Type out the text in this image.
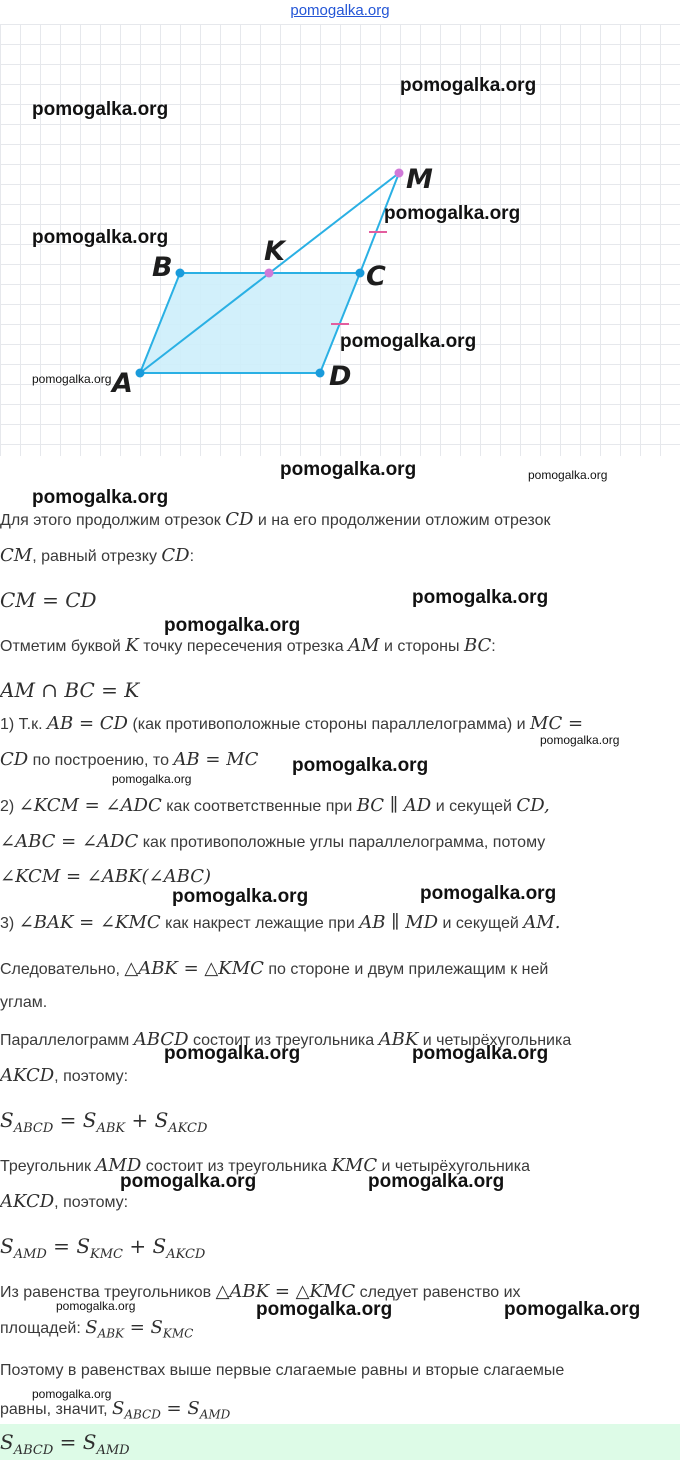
pomogalka.org
A
B	C
D
K
M
pomogalka.org
pomogalka.org
pomogalka.org
pomogalka.org
pomogalka.org
pomogalka.org
pomogalka.org	pomogalka.org
pomogalka.org
pomogalka.org
pomogalka.org
pomogalka.org
pomogalka.org
pomogalka.org
pomogalka.org	pomogalka.org
pomogalka.org	pomogalka.org
pomogalka.org	pomogalka.org
pomogalka.org	pomogalka.org	pomogalka.org
pomogalka.org
Для этого продолжим отрезок CD и на его продолжении отложим отрезок
CM, равный отрезку CD:
CM = CD
Отметим буквой K точку пересечения отрезка AM и стороны BC:
AM ∩ BC = K
1) Т.к. AB = CD (как противоположные стороны параллелограмма) и MC =
CD по построению, то AB = MC
2) ∠KCM = ∠ADC как соответственные при BC ∥ AD и секущей CD,
∠ABC = ∠ADC как противоположные углы параллелограмма, потому
∠KCM = ∠ABK(∠ABC)
3) ∠BAK = ∠KMC как накрест лежащие при AB ∥ MD и секущей AM.
Следовательно, △ABK = △KMC по стороне и двум прилежащим к ней
углам.
Параллелограмм ABCD состоит из треугольника ABK и четырёхугольника
AKCD, поэтому:
$S_{ABCD} = S_{ABK} + S_{AKCD}$
Треугольник AMD состоит из треугольника KMC и четырёхугольника
AKCD, поэтому:
$S_{AMD} = S_{KMC} + S_{AKCD}$
Из равенства треугольников △ABK = △KMC следует равенство их
площадей: $S_{ABK} = S_{KMC}$
Поэтому в равенствах выше первые слагаемые равны и вторые слагаемые
равны, значит, $S_{ABCD} = S_{AMD}$
$S_{ABCD} = S_{AMD}$
